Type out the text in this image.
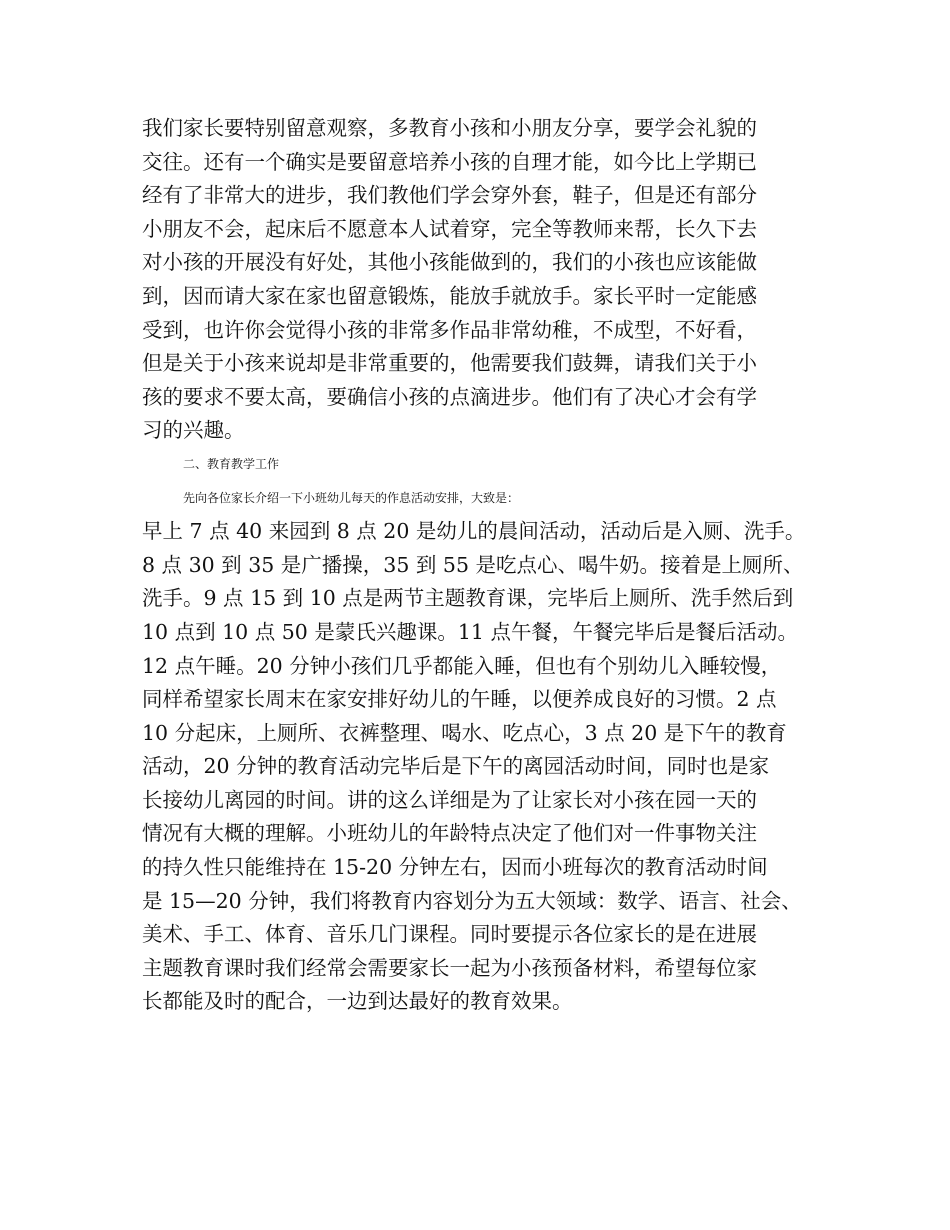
我们家长要特别留意观察，多教育小孩和小朋友分享，要学会礼貌的
交往。还有一个确实是要留意培养小孩的自理才能，如今比上学期已
经有了非常大的进步，我们教他们学会穿外套，鞋子，但是还有部分
小朋友不会，起床后不愿意本人试着穿，完全等教师来帮，长久下去
对小孩的开展没有好处，其他小孩能做到的，我们的小孩也应该能做
到，因而请大家在家也留意锻炼，能放手就放手。家长平时一定能感
受到，也许你会觉得小孩的非常多作品非常幼稚，不成型，不好看，
但是关于小孩来说却是非常重要的，他需要我们鼓舞，请我们关于小
孩的要求不要太高，要确信小孩的点滴进步。他们有了决心才会有学
习的兴趣。
二、教育教学工作
先向各位家长介绍一下小班幼儿每天的作息活动安排，大致是：
早上 7 点 40 来园到 8 点 20 是幼儿的晨间活动，活动后是入厕、洗手。
8 点 30 到 35 是广播操，35 到 55 是吃点心、喝牛奶。接着是上厕所、
洗手。9 点 15 到 10 点是两节主题教育课，完毕后上厕所、洗手然后到
10 点到 10 点 50 是蒙氏兴趣课。11 点午餐，午餐完毕后是餐后活动。
12 点午睡。20 分钟小孩们几乎都能入睡，但也有个别幼儿入睡较慢，
同样希望家长周末在家安排好幼儿的午睡，以便养成良好的习惯。2 点
10 分起床，上厕所、衣裤整理、喝水、吃点心，3 点 20 是下午的教育
活动，20 分钟的教育活动完毕后是下午的离园活动时间，同时也是家
长接幼儿离园的时间。讲的这么详细是为了让家长对小孩在园一天的
情况有大概的理解。小班幼儿的年龄特点决定了他们对一件事物关注
的持久性只能维持在 15-20 分钟左右，因而小班每次的教育活动时间
是 15—20 分钟，我们将教育内容划分为五大领域：数学、语言、社会、
美术、手工、体育、音乐几门课程。同时要提示各位家长的是在进展
主题教育课时我们经常会需要家长一起为小孩预备材料，希望每位家
长都能及时的配合，一边到达最好的教育效果。
